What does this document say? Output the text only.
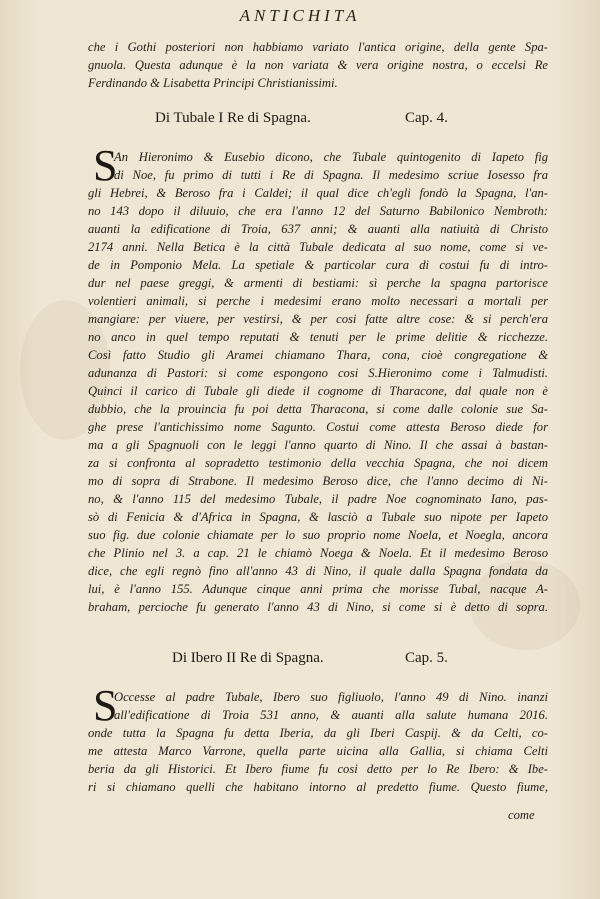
ANTICHITA
che i Gothi posteriori non habbiamo variato l'antica origine, della gente Spa-
gnuola. Questa adunque è la non variata & vera origine nostra, o eccelsi Re
Ferdinando & Lisabetta Principi Christianissimi.
Di Tubale I Re di Spagna.	Cap. 4.
S
An Hieronimo & Eusebio dicono, che Tubale quintogenito di Iapeto fig
di Noe, fu primo di tutti i Re di Spagna. Il medesimo scriue Iosesso fra
gli Hebrei, & Beroso fra i Caldei; il qual dice ch'egli fondò la Spagna, l'an-
no 143 dopo il diluuio, che era l'anno 12 del Saturno Babilonico Nembroth:
auanti la edificatione di Troia, 637 anni; & auanti alla natiuità di Christo
2174 anni. Nella Betica è la città Tubale dedicata al suo nome, come si ve-
de in Pomponio Mela. La spetiale & particolar cura di costui fu di intro-
dur nel paese greggi, & armenti di bestiami: sì perche la spagna partorisce
volentieri animali, si perche i medesimi erano molto necessari a mortali per
mangiare: per viuere, per vestirsi, & per cosi fatte altre cose: & si perch'era
no anco in quel tempo reputati & tenuti per le prime delitie & ricchezze.
Così fatto Studio gli Aramei chiamano Thara, cona, cioè congregatione &
adunanza di Pastori: si come espongono cosi S.Hieronimo come i Talmudisti.
Quinci il carico di Tubale gli diede il cognome di Tharacone, dal quale non è
dubbio, che la prouincia fu poi detta Tharacona, si come dalle colonie sue Sa-
ghe prese l'antichissimo nome Sagunto. Costui come attesta Beroso diede for
ma a gli Spagnuoli con le leggi l'anno quarto di Nino. Il che assai à bastan-
za si confronta al sopradetto testimonio della vecchia Spagna, che noi dicem
mo di sopra di Strabone. Il medesimo Beroso dice, che l'anno decimo di Ni-
no, & l'anno 115 del medesimo Tubale, il padre Noe cognominato Iano, pas-
sò di Fenicia & d'Africa in Spagna, & lasciò a Tubale suo nipote per Iapeto
suo fig. due colonie chiamate per lo suo proprio nome Noela, et Noegla, ancora
che Plinio nel 3. a cap. 21 le chiamò Noega & Noela. Et il medesimo Beroso
dice, che egli regnò fino all'anno 43 di Nino, il quale dalla Spagna fondata da
lui, è l'anno 155. Adunque cinque anni prima che morisse Tubal, nacque A-
braham, percioche fu generato l'anno 43 di Nino, si come si è detto di sopra.
Di Ibero II Re di Spagna.	Cap. 5.
S
Occesse al padre Tubale, Ibero suo figliuolo, l'anno 49 di Nino. inanzi
all'edificatione di Troia 531 anno, & auanti alla salute humana 2016.
onde tutta la Spagna fu detta Iberia, da gli Iberi Caspij. & da Celti, co-
me attesta Marco Varrone, quella parte uicina alla Gallia, si chiama Celti
beria da gli Historici. Et Ibero fiume fu cosi detto per lo Re Ibero: & Ibe-
ri si chiamano quelli che habitano intorno al predetto fiume. Questo fiume,
come
